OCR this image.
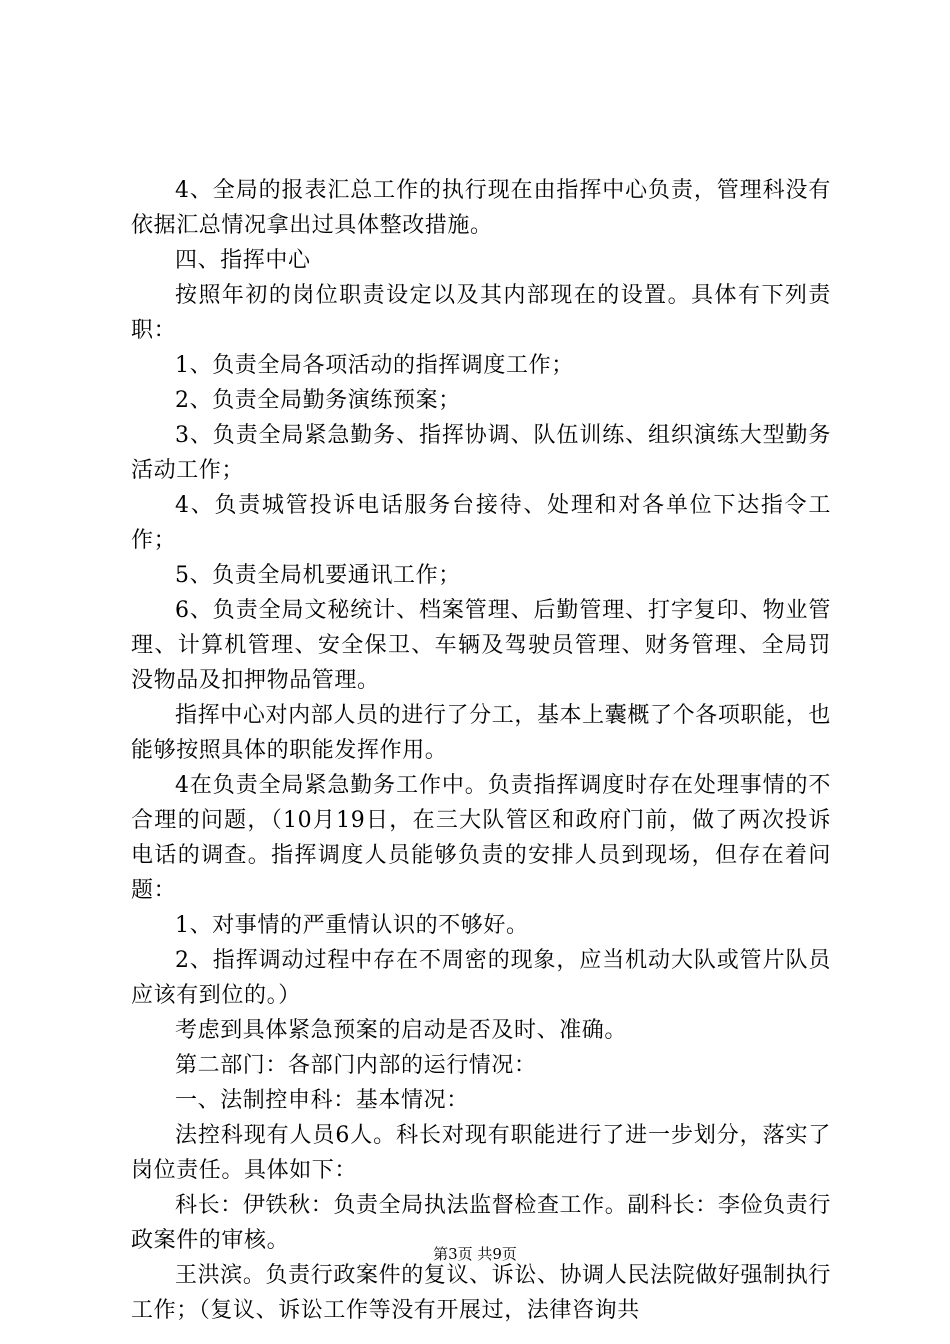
4、全局的报表汇总工作的执行现在由指挥中心负责，管理科没有依据汇总情况拿出过具体整改措施。

四、指挥中心

按照年初的岗位职责设定以及其内部现在的设置。具体有下列责职：

1、负责全局各项活动的指挥调度工作；

2、负责全局勤务演练预案；

3、负责全局紧急勤务、指挥协调、队伍训练、组织演练大型勤务活动工作；

4、负责城管投诉电话服务台接待、处理和对各单位下达指令工作；

5、负责全局机要通讯工作；

6、负责全局文秘统计、档案管理、后勤管理、打字复印、物业管理、计算机管理、安全保卫、车辆及驾驶员管理、财务管理、全局罚没物品及扣押物品管理。

指挥中心对内部人员的进行了分工，基本上囊概了个各项职能，也能够按照具体的职能发挥作用。

4在负责全局紧急勤务工作中。负责指挥调度时存在处理事情的不合理的问题，（10月19日，在三大队管区和政府门前，做了两次投诉电话的调查。指挥调度人员能够负责的安排人员到现场，但存在着问题：

1、对事情的严重情认识的不够好。

2、指挥调动过程中存在不周密的现象，应当机动大队或管片队员应该有到位的。）

考虑到具体紧急预案的启动是否及时、准确。

第二部门：各部门内部的运行情况：

一、法制控申科：基本情况：

法控科现有人员6人。科长对现有职能进行了进一步划分，落实了岗位责任。具体如下：

科长：伊铁秋：负责全局执法监督检查工作。副科长：李俭负责行政案件的审核。

王洪滨。负责行政案件的复议、诉讼、协调人民法院做好强制执行工作；（复议、诉讼工作等没有开展过，法律咨询共

第3页 共9页
